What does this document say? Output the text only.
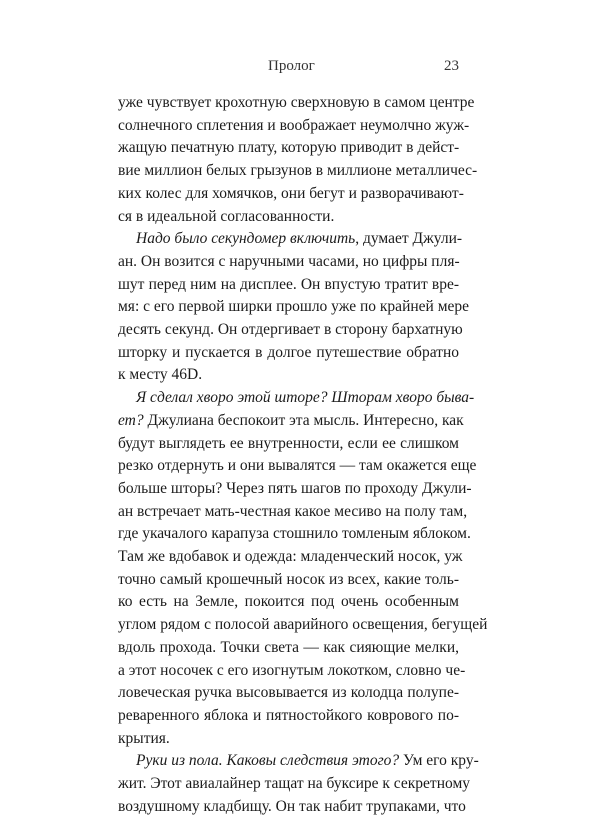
Пролог	23
уже чувствует крохотную сверхновую в самом центре
солнечного сплетения и воображает неумолчно жуж-
жащую печатную плату, которую приводит в дейст-
вие миллион белых грызунов в миллионе металличес-
ких колес для хомячков, они бегут и разворачивают-
ся в идеальной согласованности.
Надо было секундомер включить, думает Джули-
ан. Он возится с наручными часами, но цифры пля-
шут перед ним на дисплее. Он впустую тратит вре-
мя: с его первой ширки прошло уже по крайней мере
десять секунд. Он отдергивает в сторону бархатную
шторку и пускается в долгое путешествие обратно
к месту 46D.
Я сделал хворо этой шторе? Шторам хворо быва-
ет? Джулиана беспокоит эта мысль. Интересно, как
будут выглядеть ее внутренности, если ее слишком
резко отдернуть и они вывалятся — там окажется еще
больше шторы? Через пять шагов по проходу Джули-
ан встречает мать-честная какое месиво на полу там,
где укачалого карапуза стошнило томленым яблоком.
Там же вдобавок и одежда: младенческий носок, уж
точно самый крошечный носок из всех, какие толь-
ко есть на Земле, покоится под очень особенным
углом рядом с полосой аварийного освещения, бегущей
вдоль прохода. Точки света — как сияющие мелки,
а этот носочек с его изогнутым локотком, словно че-
ловеческая ручка высовывается из колодца полупе-
реваренного яблока и пятностойкого коврового по-
крытия.
Руки из пола. Каковы следствия этого? Ум его кру-
жит. Этот авиалайнер тащат на буксире к секретному
воздушному кладбищу. Он так набит трупаками, что
